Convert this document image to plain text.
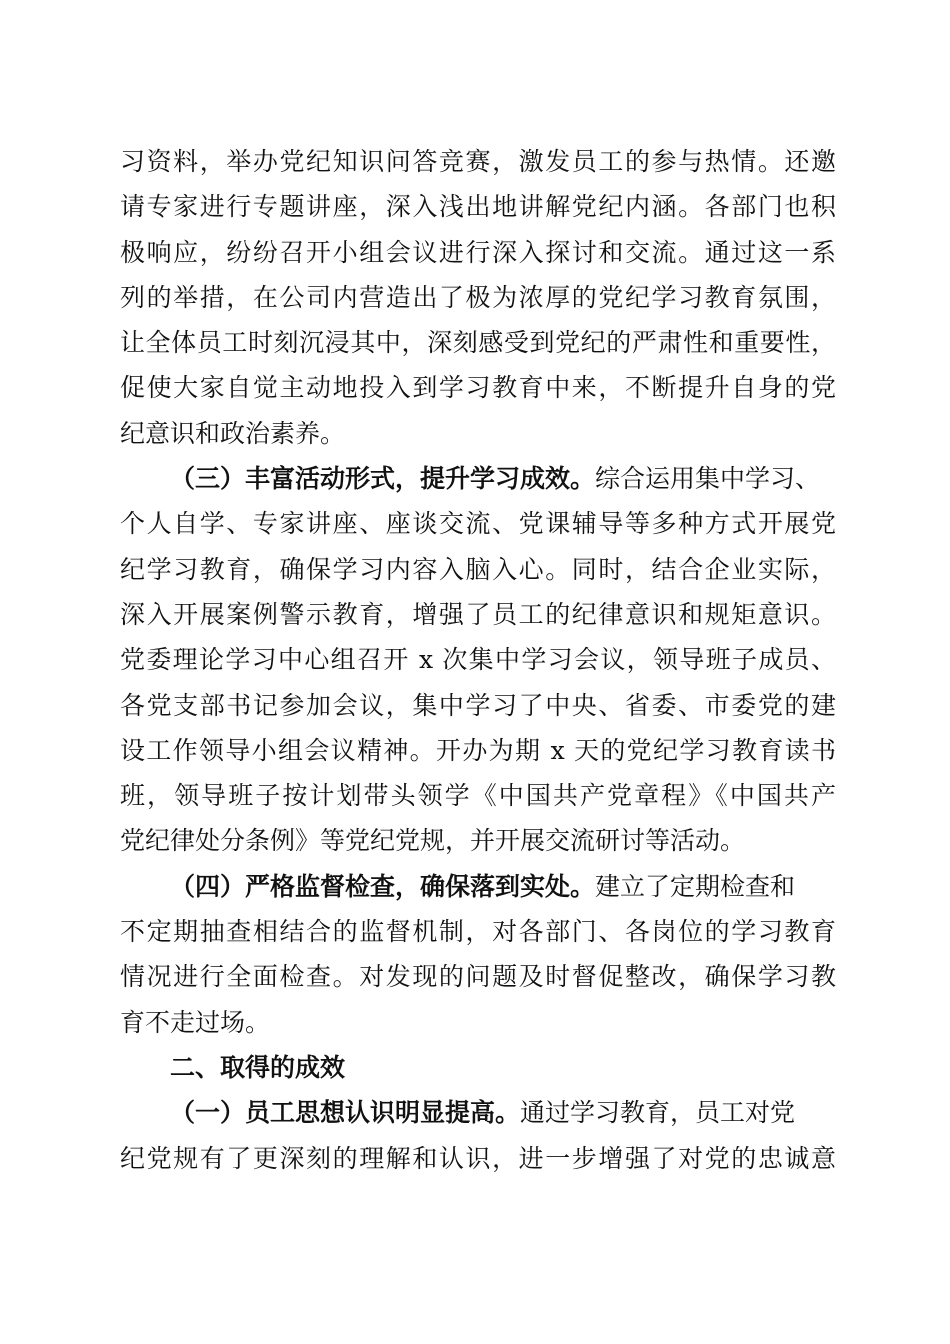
习资料，举办党纪知识问答竞赛，激发员工的参与热情。还邀
请专家进行专题讲座，深入浅出地讲解党纪内涵。各部门也积
极响应，纷纷召开小组会议进行深入探讨和交流。通过这一系
列的举措，在公司内营造出了极为浓厚的党纪学习教育氛围，
让全体员工时刻沉浸其中，深刻感受到党纪的严肃性和重要性，
促使大家自觉主动地投入到学习教育中来，不断提升自身的党
纪意识和政治素养。
（三）丰富活动形式，提升学习成效。综合运用集中学习、
个人自学、专家讲座、座谈交流、党课辅导等多种方式开展党
纪学习教育，确保学习内容入脑入心。同时，结合企业实际，
深入开展案例警示教育，增强了员工的纪律意识和规矩意识。
党委理论学习中心组召开 x 次集中学习会议，领导班子成员、
各党支部书记参加会议，集中学习了中央、省委、市委党的建
设工作领导小组会议精神。开办为期 x 天的党纪学习教育读书
班，领导班子按计划带头领学《中国共产党章程》《中国共产
党纪律处分条例》等党纪党规，并开展交流研讨等活动。
（四）严格监督检查，确保落到实处。建立了定期检查和
不定期抽查相结合的监督机制，对各部门、各岗位的学习教育
情况进行全面检查。对发现的问题及时督促整改，确保学习教
育不走过场。
二、取得的成效
（一）员工思想认识明显提高。通过学习教育，员工对党
纪党规有了更深刻的理解和认识，进一步增强了对党的忠诚意
